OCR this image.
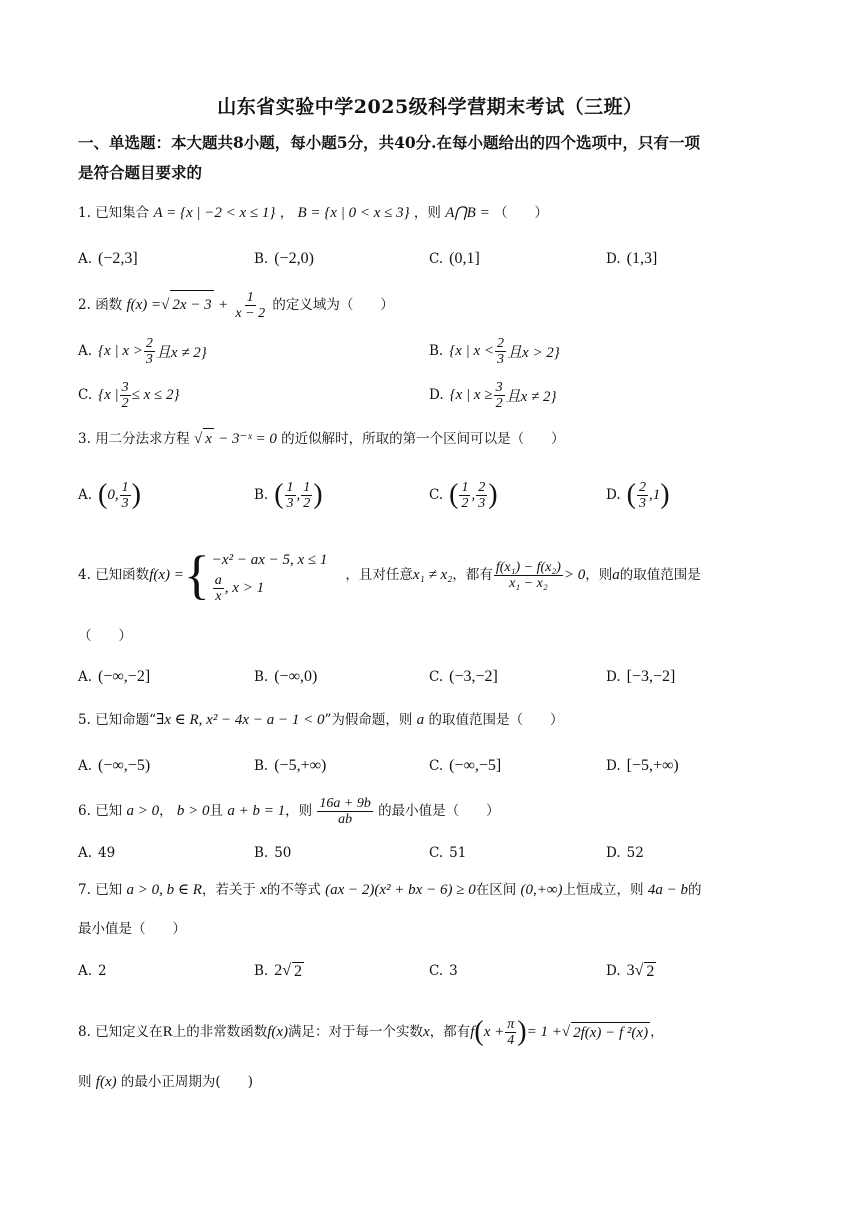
山东省实验中学2025级科学营期末考试（三班）
一、单选题：本大题共8小题，每小题5分，共40分.在每小题给出的四个选项中，只有一项
是符合题目要求的
1. 已知集合 A = {x | −2 < x ≤ 1} ， B = {x | 0 < x ≤ 3} ，则 A⋂B = （　　）
A. (−2,3]	B. (−2,0)	C. (0,1]	D. (1,3]
2. 函数 f(x) =√ $2x - 3 + \frac{1}{x - 2}$ 的定义域为（　　）
A. {x | $x > \frac{2}{3}$ 且x ≠ 2}	B. {x | $x < \frac{2}{3}$ 且x > 2}
C. {x | $\frac{3}{2} \le x \le 2$}	D. {x | $x \ge \frac{3}{2}$ 且x ≠ 2}
3. 用二分法求方程 √ x − 3⁻ˣ = 0 的近似解时，所取的第一个区间可以是（　　）
A. ( 0, $\frac{1}{3}$ )	B. ( $\frac{1}{3}$ , $\frac{1}{2}$ )	C. ( $\frac{1}{2}$ , $\frac{2}{3}$ )	D. ( $\frac{2}{3} ,1$ )
4.
已知函数 f(x) = { −x² − ax − 5, x ≤ 1
$\frac{a}{x}$ , x > 1
，且对任意 x₁ ≠ x₂ ，都有 $\frac{\text{f(x₁) − f(x₂)}}{\text{x₁ − x₂}} > 0$ ，则 a 的取值范围是
（　　）
A. (−∞,−2]	B. (−∞,0)	C. (−3,−2]	D. [−3,−2]
5. 已知命题“∃x ∈ R, x² − 4x − a − 1 < 0”为假命题，则 a 的取值范围是（　　）
A. (−∞,−5)	B. (−5,+∞)	C. (−∞,−5]	D. [−5,+∞)
6. 已知 a > 0， b > 0且 a + b = 1，则 $\frac{16a + 9b}{ab}$ 的最小值是（　　）
A. 49	B. 50	C. 51	D. 52
7. 已知 a > 0, b ∈ R，若关于 x的不等式 (ax − 2)(x² + bx − 6) ≥ 0在区间 (0,+∞)上恒成立，则 4a − b的
最小值是（　　）
A. 2	B. 2 √ 2	C. 3	D. 3 √ 2
8.
已知定义在 R 上的非常数函数 f(x) 满足：对于每一个实数 x ，都有 f ( $x + \frac{\pi}{4}$ ) = 1 + √ 2f(x) − f ²(x) ，
则 f(x) 的最小正周期为(　　)
